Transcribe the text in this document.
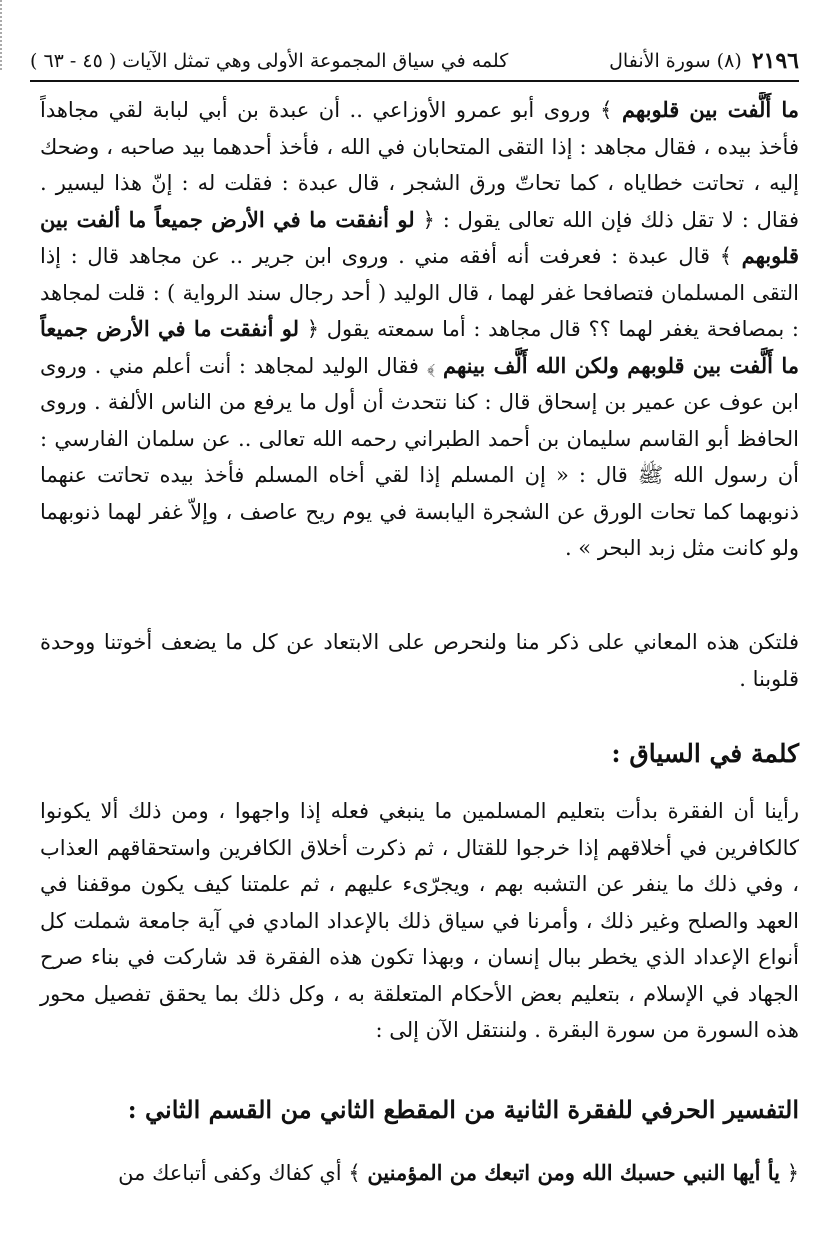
٢١٩٦
(٨) سورة الأنفال
كلمه في سياق المجموعة الأولى وهي تمثل الآيات ( ٤٥ - ٦٣ )

ما أَلَّفت بين قلوبهم ﴾ وروى أبو عمرو الأوزاعي .. أن عبدة بن أبي لبابة لقي مجاهداً فأخذ بيده ، فقال مجاهد : إذا التقى المتحابان في الله ، فأخذ أحدهما بيد صاحبه ، وضحك إليه ، تحاتت خطاياه ، كما تحاتّ ورق الشجر ، قال عبدة : فقلت له : إنّ هذا ليسير . فقال : لا تقل ذلك فإن الله تعالى يقول : ﴿ لو أنفقت ما في الأرض جميعاً ما ألفت بين قلوبهم ﴾ قال عبدة : فعرفت أنه أفقه مني . وروى ابن جرير .. عن مجاهد قال : إذا التقى المسلمان فتصافحا غفر لهما ، قال الوليد ( أحد رجال سند الرواية ) : قلت لمجاهد : بمصافحة يغفر لهما ؟؟ قال مجاهد : أما سمعته يقول ﴿ لو أنفقت ما في الأرض جميعاً ما أَلَّفت بين قلوبهم ولكن الله أَلَّف بينهم ﴾ فقال الوليد لمجاهد : أنت أعلم مني . وروى ابن عوف عن عمير بن إسحاق قال : كنا نتحدث أن أول ما يرفع من الناس الألفة . وروى الحافظ أبو القاسم سليمان بن أحمد الطبراني رحمه الله تعالى .. عن سلمان الفارسي : أن رسول الله ﷺ قال : « إن المسلم إذا لقي أخاه المسلم فأخذ بيده تحاتت عنهما ذنوبهما كما تحات الورق عن الشجرة اليابسة في يوم ريح عاصف ، وإلاّ غفر لهما ذنوبهما ولو كانت مثل زبد البحر » .

فلتكن هذه المعاني على ذكر منا ولنحرص على الابتعاد عن كل ما يضعف أخوتنا ووحدة قلوبنا .

كلمة في السياق :

رأينا أن الفقرة بدأت بتعليم المسلمين ما ينبغي فعله إذا واجهوا ، ومن ذلك ألا يكونوا كالكافرين في أخلاقهم إذا خرجوا للقتال ، ثم ذكرت أخلاق الكافرين واستحقاقهم العذاب ، وفي ذلك ما ينفر عن التشبه بهم ، ويجرّىء عليهم ، ثم علمتنا كيف يكون موقفنا في العهد والصلح وغير ذلك ، وأمرنا في سياق ذلك بالإعداد المادي في آية جامعة شملت كل أنواع الإعداد الذي يخطر ببال إنسان ، وبهذا تكون هذه الفقرة قد شاركت في بناء صرح الجهاد في الإسلام ، بتعليم بعض الأحكام المتعلقة به ، وكل ذلك بما يحقق تفصيل محور هذه السورة من سورة البقرة . ولننتقل الآن إلى :

التفسير الحرفي للفقرة الثانية من المقطع الثاني من القسم الثاني :

﴿ يأ أيها النبي حسبك الله ومن اتبعك من المؤمنين ﴾ أي كفاك وكفى أتباعك من
